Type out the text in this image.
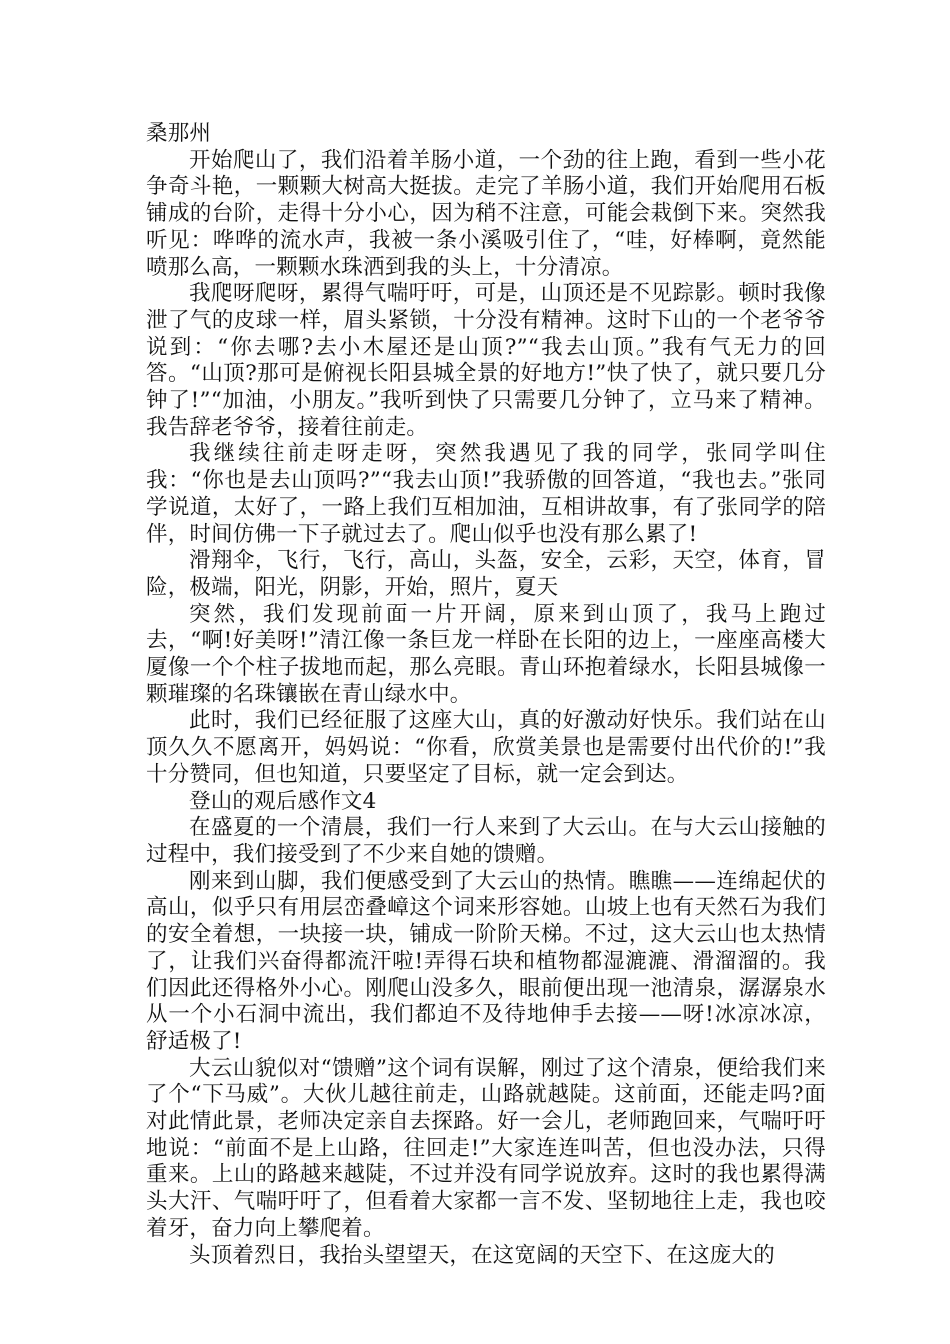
桑那州

开始爬山了，我们沿着羊肠小道，一个劲的往上跑，看到一些小花争奇斗艳，一颗颗大树高大挺拔。走完了羊肠小道，我们开始爬用石板铺成的台阶，走得十分小心，因为稍不注意，可能会栽倒下来。突然我听见：哗哗的流水声，我被一条小溪吸引住了，“哇，好棒啊，竟然能喷那么高，一颗颗水珠洒到我的头上，十分清凉。

我爬呀爬呀，累得气喘吁吁，可是，山顶还是不见踪影。顿时我像泄了气的皮球一样，眉头紧锁，十分没有精神。这时下山的一个老爷爷说到：“你去哪?去小木屋还是山顶?”“我去山顶。”我有气无力的回答。“山顶?那可是俯视长阳县城全景的好地方!”快了快了，就只要几分钟了!”“加油，小朋友。”我听到快了只需要几分钟了，立马来了精神。我告辞老爷爷，接着往前走。

我继续往前走呀走呀，突然我遇见了我的同学，张同学叫住我：“你也是去山顶吗?”“我去山顶!”我骄傲的回答道，“我也去。”张同学说道，太好了，一路上我们互相加油，互相讲故事，有了张同学的陪伴，时间仿佛一下子就过去了。爬山似乎也没有那么累了!

滑翔伞，飞行，飞行，高山，头盔，安全，云彩，天空，体育，冒险，极端，阳光，阴影，开始，照片，夏天

突然，我们发现前面一片开阔，原来到山顶了，我马上跑过去，“啊!好美呀!”清江像一条巨龙一样卧在长阳的边上，一座座高楼大厦像一个个柱子拔地而起，那么亮眼。青山环抱着绿水，长阳县城像一颗璀璨的名珠镶嵌在青山绿水中。

此时，我们已经征服了这座大山，真的好激动好快乐。我们站在山顶久久不愿离开，妈妈说：“你看，欣赏美景也是需要付出代价的!”我十分赞同，但也知道，只要坚定了目标，就一定会到达。

登山的观后感作文4

在盛夏的一个清晨，我们一行人来到了大云山。在与大云山接触的过程中，我们接受到了不少来自她的馈赠。

刚来到山脚，我们便感受到了大云山的热情。瞧瞧——连绵起伏的高山，似乎只有用层峦叠嶂这个词来形容她。山坡上也有天然石为我们的安全着想，一块接一块，铺成一阶阶天梯。不过，这大云山也太热情了，让我们兴奋得都流汗啦!弄得石块和植物都湿漉漉、滑溜溜的。我们因此还得格外小心。刚爬山没多久，眼前便出现一池清泉，潺潺泉水从一个小石洞中流出，我们都迫不及待地伸手去接——呀!冰凉冰凉，舒适极了!

大云山貌似对“馈赠”这个词有误解，刚过了这个清泉，便给我们来了个“下马威”。大伙儿越往前走，山路就越陡。这前面，还能走吗?面对此情此景，老师决定亲自去探路。好一会儿，老师跑回来，气喘吁吁地说：“前面不是上山路，往回走!”大家连连叫苦，但也没办法，只得重来。上山的路越来越陡，不过并没有同学说放弃。这时的我也累得满头大汗、气喘吁吁了，但看着大家都一言不发、坚韧地往上走，我也咬着牙，奋力向上攀爬着。

头顶着烈日，我抬头望望天，在这宽阔的天空下、在这庞大的
